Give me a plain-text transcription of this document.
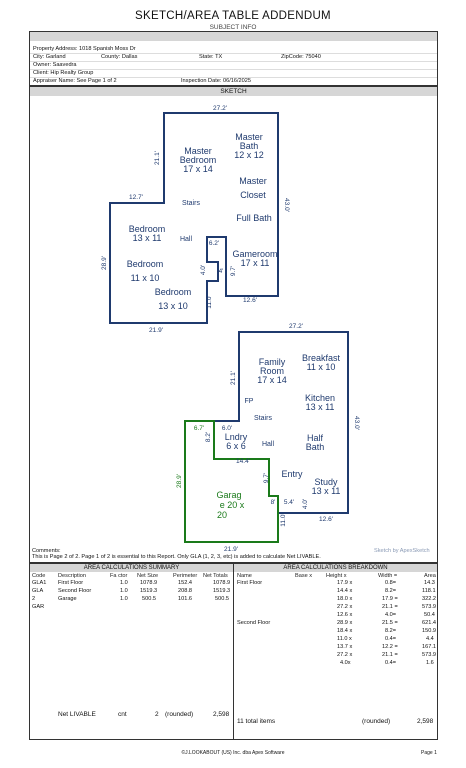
SKETCH/AREA TABLE ADDENDUM
SUBJECT INFO
Property Address: 1018 Spanish Moss Dr
City: Garland	County: Dallas	State: TX	ZipCode: 75040
Owner: Saavedra
Client: Hip Realty Group
Appraiser Name: See Page 1 of 2	Inspection Date: 06/16/2025
SKETCH
Master Bath 12 x 12
Master Bedroom 17 x 14
Master Closet
Stairs
Full Bath
Bedroom 13 x 11	Hall
Gameroom 17 x 11
Bedroom 11 x 10
Bedroom 13 x 10
27.2'
21.1'
43.0'
12.7'
28.9'
6.2'
4.0'	9.7'
4'
11.0'	12.6'
21.9'
Family Room 17 x 14
Breakfast 11 x 10
FP	Kitchen 13 x 11
Stairs
Lndry 6 x 6 Hall
Half Bath
Entry
Study 13 x 11
Garag e 20 x 20
27.2'
21.1'
43.0'
6.7'	6.0'
8.2'
14.4'
28.9'	9.7'
8' 5.4' 4.0'
11.0'	12.6'
21.9'
Comments:
This is Page 2 of 2. Page 1 of 2 is essential to this Report. Only GLA (1, 2, 3, etc) is added to calculate Net LIVABLE.
Sketch by ApexSketch
AREA CALCULATIONS SUMMARY
Code Description	Fa ctor Net Size	Perimeter Net Totals
GLA1 First Floor	1.0 1078.9	152.4	1078.9
GLA	Second Floor	1.0 1519.3	208.8	1519.3
2	Garage	1.0	500.5	101.6	500.5
GAR
Net LIVABLE	cnt	2 (rounded)	2,598
AREA CALCULATIONS BREAKDOWN
Name	Base x Height x	Width =	Area
First Floor	17.9 x	0.8=	14.3
14.4 x	8.2=	118.1
18.0 x	17.9 =	322.2
27.2 x	21.1 =	573.9
12.6 x	4.0=	50.4
Second Floor	28.9 x	21.5 =	621.4
18.4 x	8.2=	150.9
11.0 x	0.4=	4.4
13.7 x	12.2 =	167.1
27.2 x	21.1 =	573.9
4.0x	0.4=	1.6
11 total items	(rounded)	2,598
©J.LOOKABOUT (US) Inc. dba Apex Software	Page 1
